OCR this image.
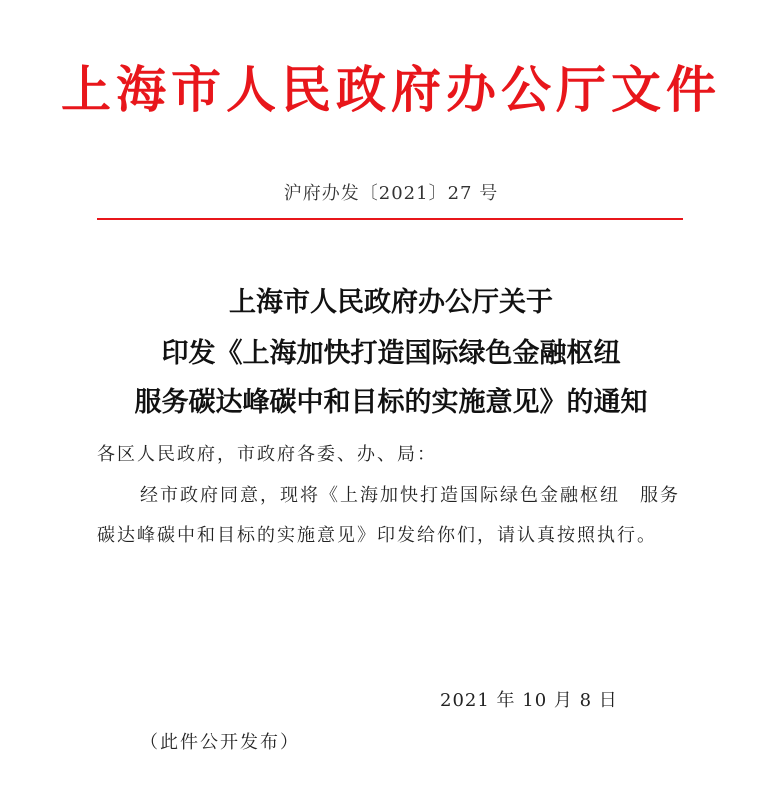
上海市人民政府办公厅文件
沪府办发〔2021〕27 号
上海市人民政府办公厅关于
印发《上海加快打造国际绿色金融枢纽
服务碳达峰碳中和目标的实施意见》的通知
各区人民政府，市政府各委、办、局：
经市政府同意，现将《上海加快打造国际绿色金融枢纽　服务
碳达峰碳中和目标的实施意见》印发给你们，请认真按照执行。
2021 年 10 月 8 日
（此件公开发布）
